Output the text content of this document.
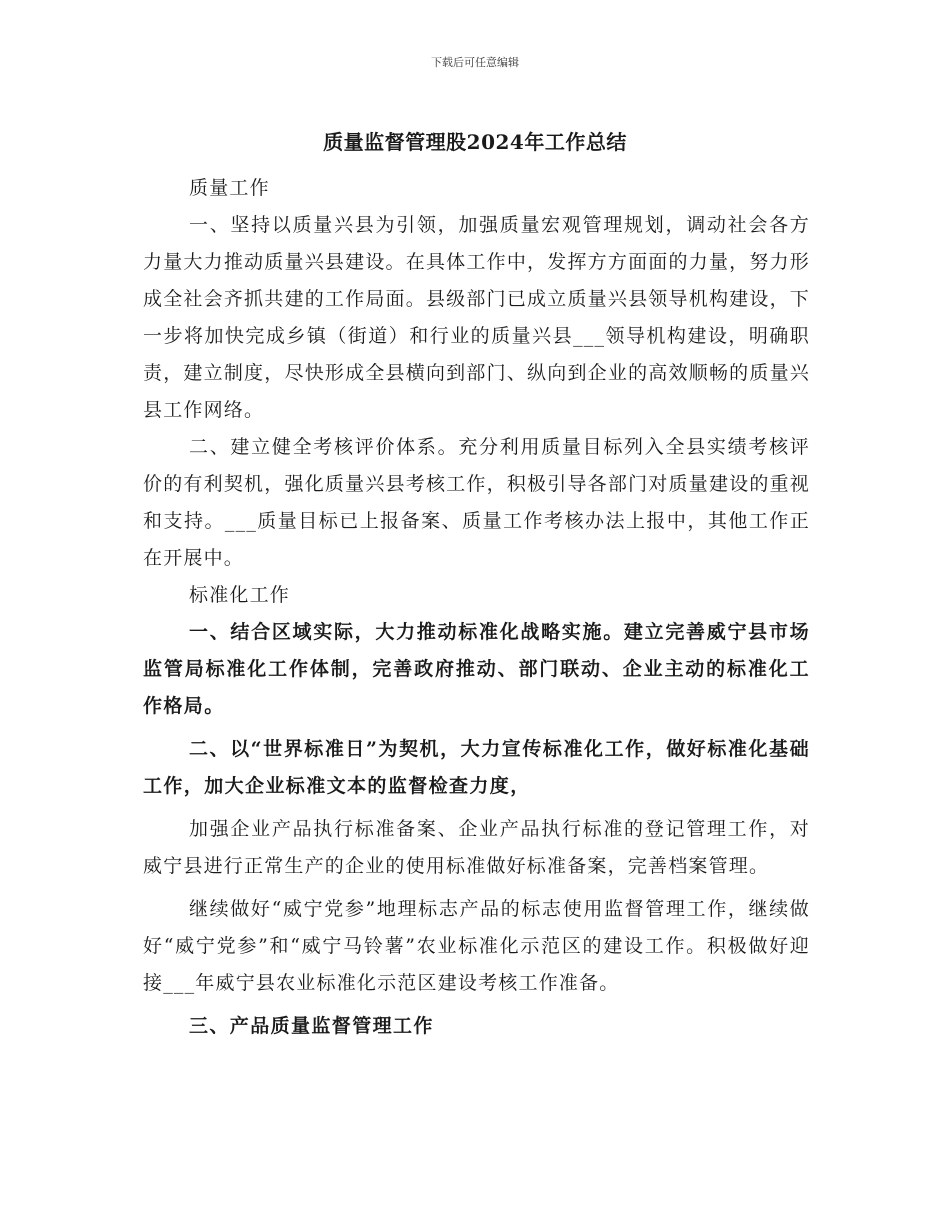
下载后可任意编辑
质量监督管理股2024年工作总结

质量工作

一、坚持以质量兴县为引领，加强质量宏观管理规划，调动社会各方力量大力推动质量兴县建设。在具体工作中，发挥方方面面的力量，努力形成全社会齐抓共建的工作局面。县级部门已成立质量兴县领导机构建设，下一步将加快完成乡镇（街道）和行业的质量兴县___领导机构建设，明确职责，建立制度，尽快形成全县横向到部门、纵向到企业的高效顺畅的质量兴县工作网络。

二、建立健全考核评价体系。充分利用质量目标列入全县实绩考核评价的有利契机，强化质量兴县考核工作，积极引导各部门对质量建设的重视和支持。___质量目标已上报备案、质量工作考核办法上报中，其他工作正在开展中。

标准化工作

一、结合区域实际，大力推动标准化战略实施。建立完善威宁县市场监管局标准化工作体制，完善政府推动、部门联动、企业主动的标准化工作格局。

二、以“世界标准日”为契机，大力宣传标准化工作，做好标准化基础工作，加大企业标准文本的监督检查力度，

加强企业产品执行标准备案、企业产品执行标准的登记管理工作，对威宁县进行正常生产的企业的使用标准做好标准备案，完善档案管理。

继续做好“威宁党参”地理标志产品的标志使用监督管理工作，继续做好“威宁党参”和“威宁马铃薯”农业标准化示范区的建设工作。积极做好迎接___年威宁县农业标准化示范区建设考核工作准备。

三、产品质量监督管理工作
